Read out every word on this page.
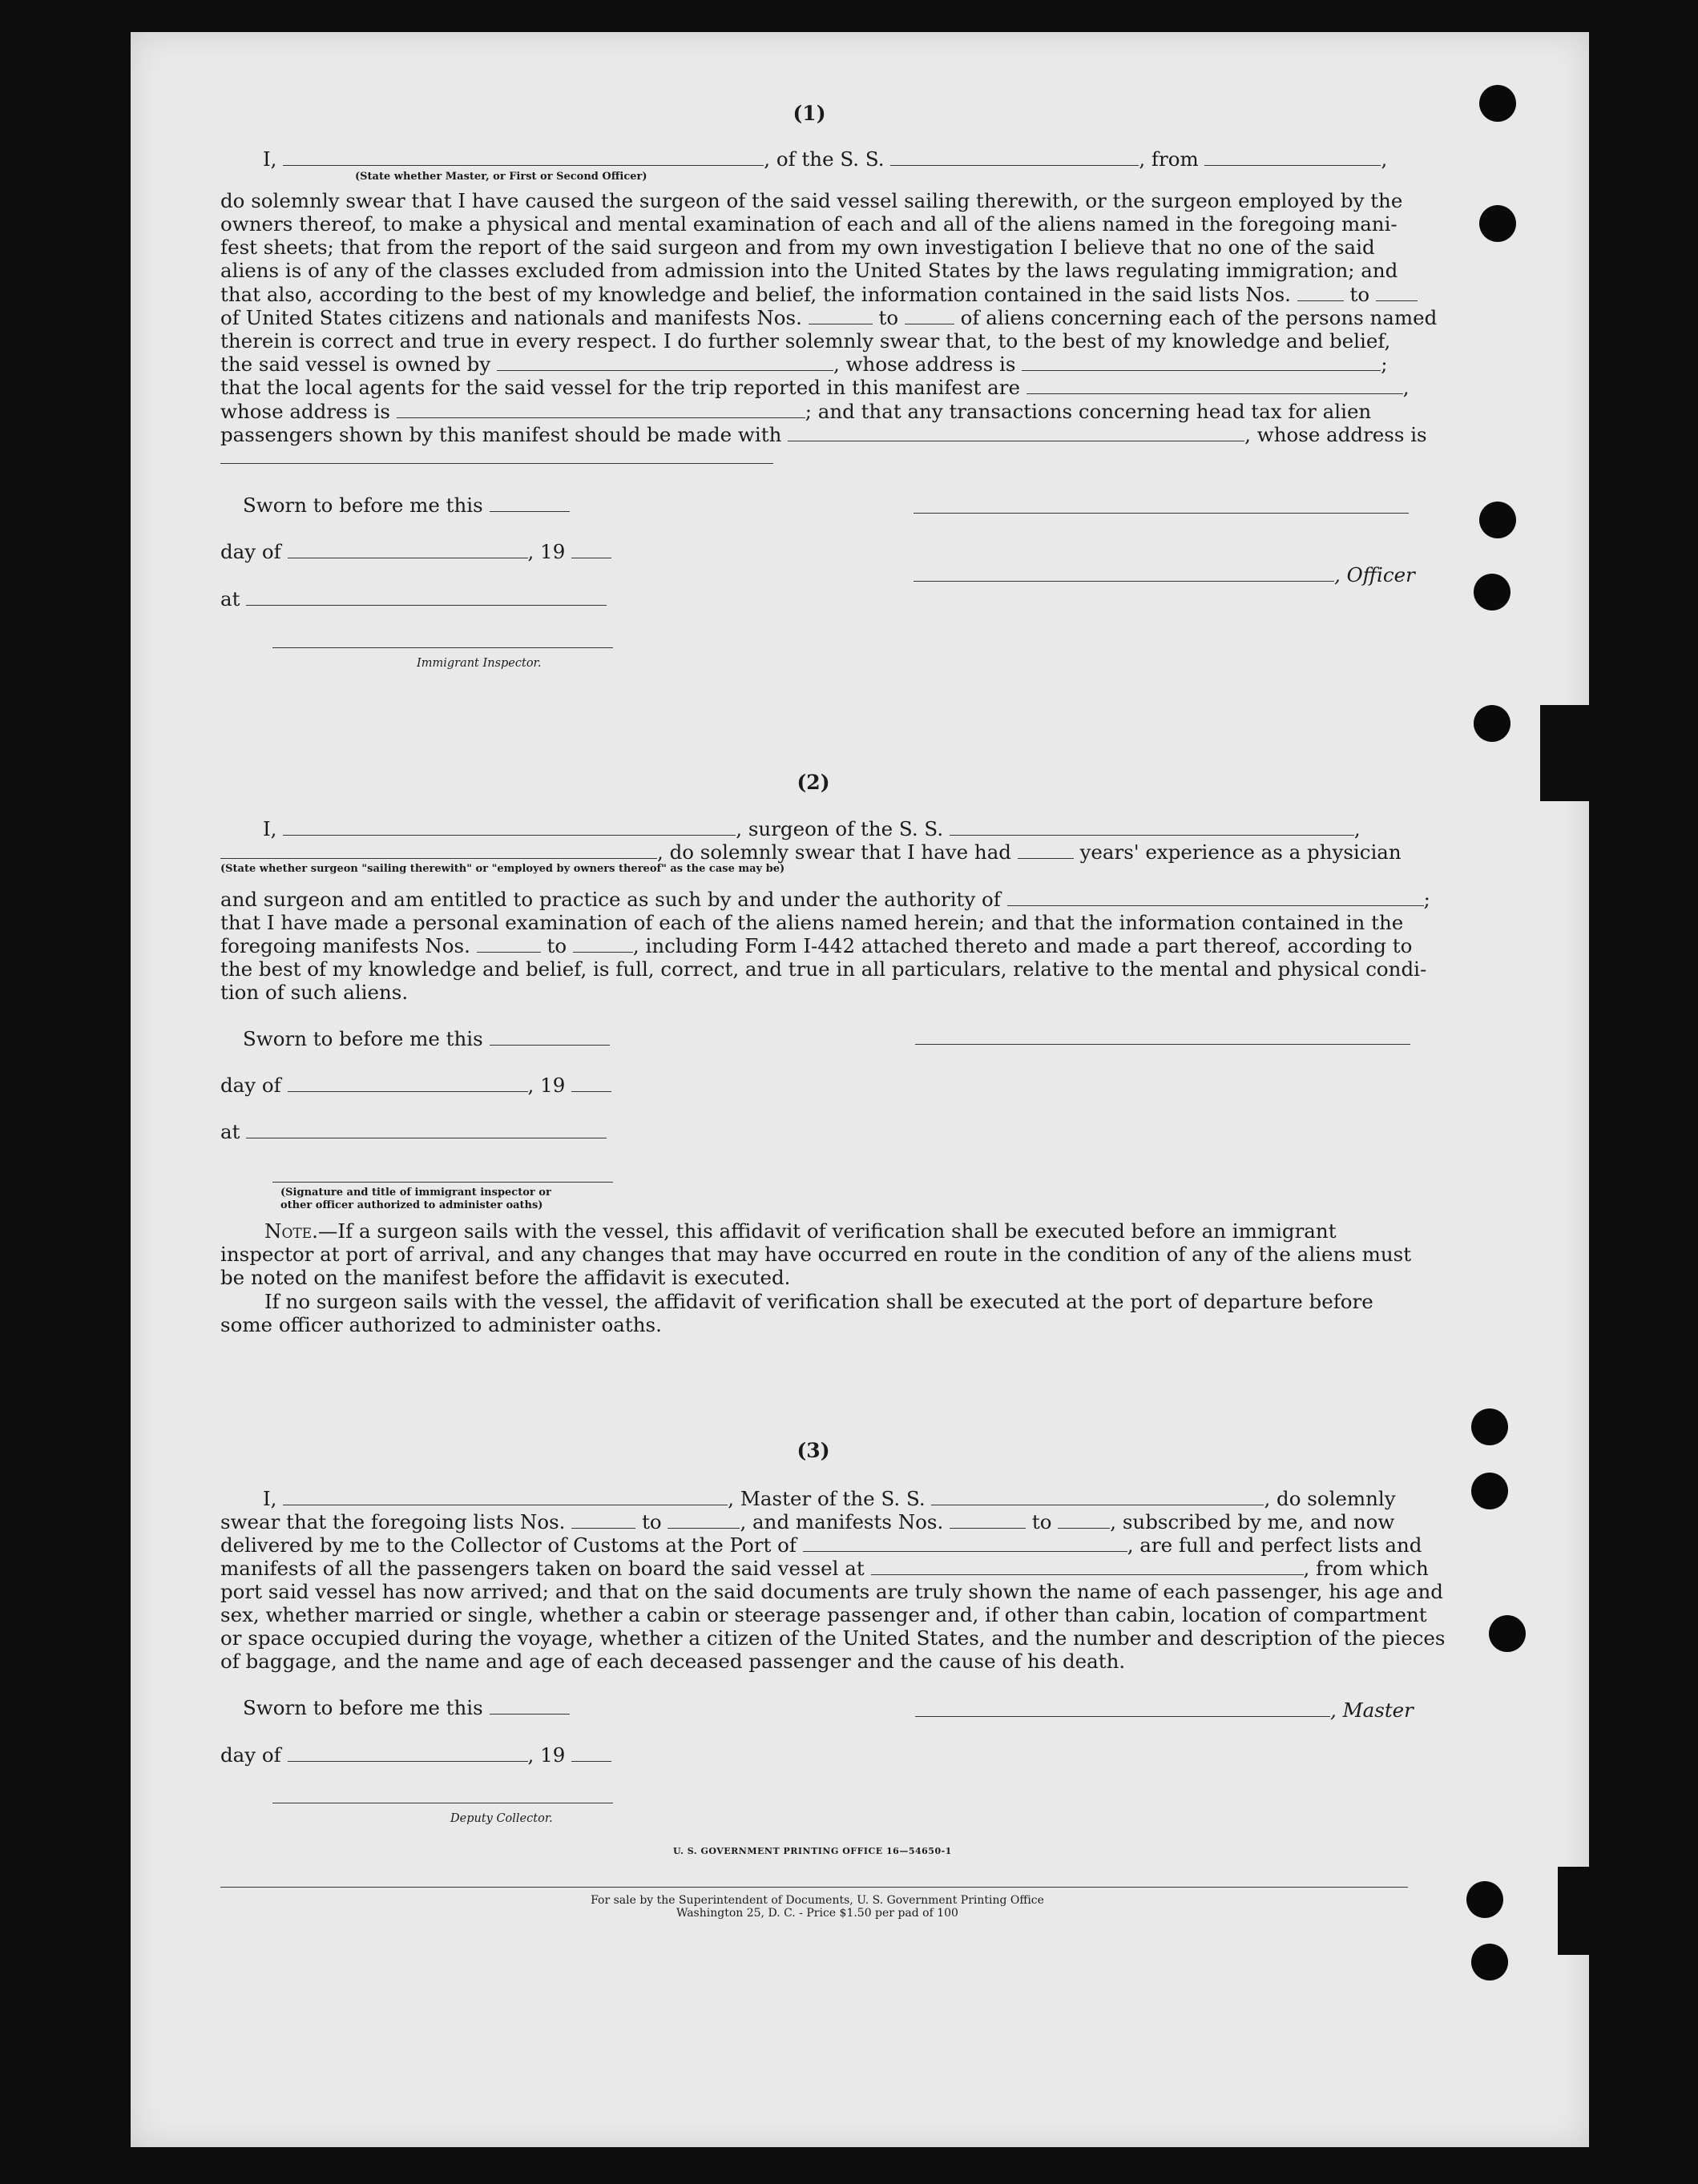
(1)
I,	, of the S. S.	, from	,
(State whether Master, or First or Second Officer)
do solemnly swear that I have caused the surgeon of the said vessel sailing therewith, or the surgeon employed by the
owners thereof, to make a physical and mental examination of each and all of the aliens named in the foregoing mani-
fest sheets; that from the report of the said surgeon and from my own investigation I believe that no one of the said
aliens is of any of the classes excluded from admission into the United States by the laws regulating immigration; and
that also, according to the best of my knowledge and belief, the information contained in the said lists Nos.	to
of United States citizens and nationals and manifests Nos.	to	of aliens concerning each of the persons named
therein is correct and true in every respect. I do further solemnly swear that, to the best of my knowledge and belief,
the said vessel is owned by	, whose address is	;
that the local agents for the said vessel for the trip reported in this manifest are	,
whose address is	; and that any transactions concerning head tax for alien
passengers shown by this manifest should be made with	, whose address is
Sworn to before me this
day of	, 19
at
Immigrant Inspector.
, Officer
(2)
I,	, surgeon of the S. S.	,
, do solemnly swear that I have had	years' experience as a physician
(State whether surgeon "sailing therewith" or "employed by owners thereof" as the case may be)
and surgeon and am entitled to practice as such by and under the authority of	;
that I have made a personal examination of each of the aliens named herein; and that the information contained in the
foregoing manifests Nos.	to	, including Form I-442 attached thereto and made a part thereof, according to
the best of my knowledge and belief, is full, correct, and true in all particulars, relative to the mental and physical condi-
tion of such aliens.
Sworn to before me this
day of	, 19
at
(Signature and title of immigrant inspector or
other officer authorized to administer oaths)
Note.—If a surgeon sails with the vessel, this affidavit of verification shall be executed before an immigrant
inspector at port of arrival, and any changes that may have occurred en route in the condition of any of the aliens must
be noted on the manifest before the affidavit is executed.
If no surgeon sails with the vessel, the affidavit of verification shall be executed at the port of departure before
some officer authorized to administer oaths.
(3)
I,	, Master of the S. S.	, do solemnly
swear that the foregoing lists Nos.	to	, and manifests Nos.	to	, subscribed by me, and now
delivered by me to the Collector of Customs at the Port of	, are full and perfect lists and
manifests of all the passengers taken on board the said vessel at	, from which
port said vessel has now arrived; and that on the said documents are truly shown the name of each passenger, his age and
sex, whether married or single, whether a cabin or steerage passenger and, if other than cabin, location of compartment
or space occupied during the voyage, whether a citizen of the United States, and the number and description of the pieces
of baggage, and the name and age of each deceased passenger and the cause of his death.
Sworn to before me this
day of	, 19
Deputy Collector.
, Master
U. S. GOVERNMENT PRINTING OFFICE 16—54650-1
For sale by the Superintendent of Documents, U. S. Government Printing Office
Washington 25, D. C. - Price $1.50 per pad of 100
